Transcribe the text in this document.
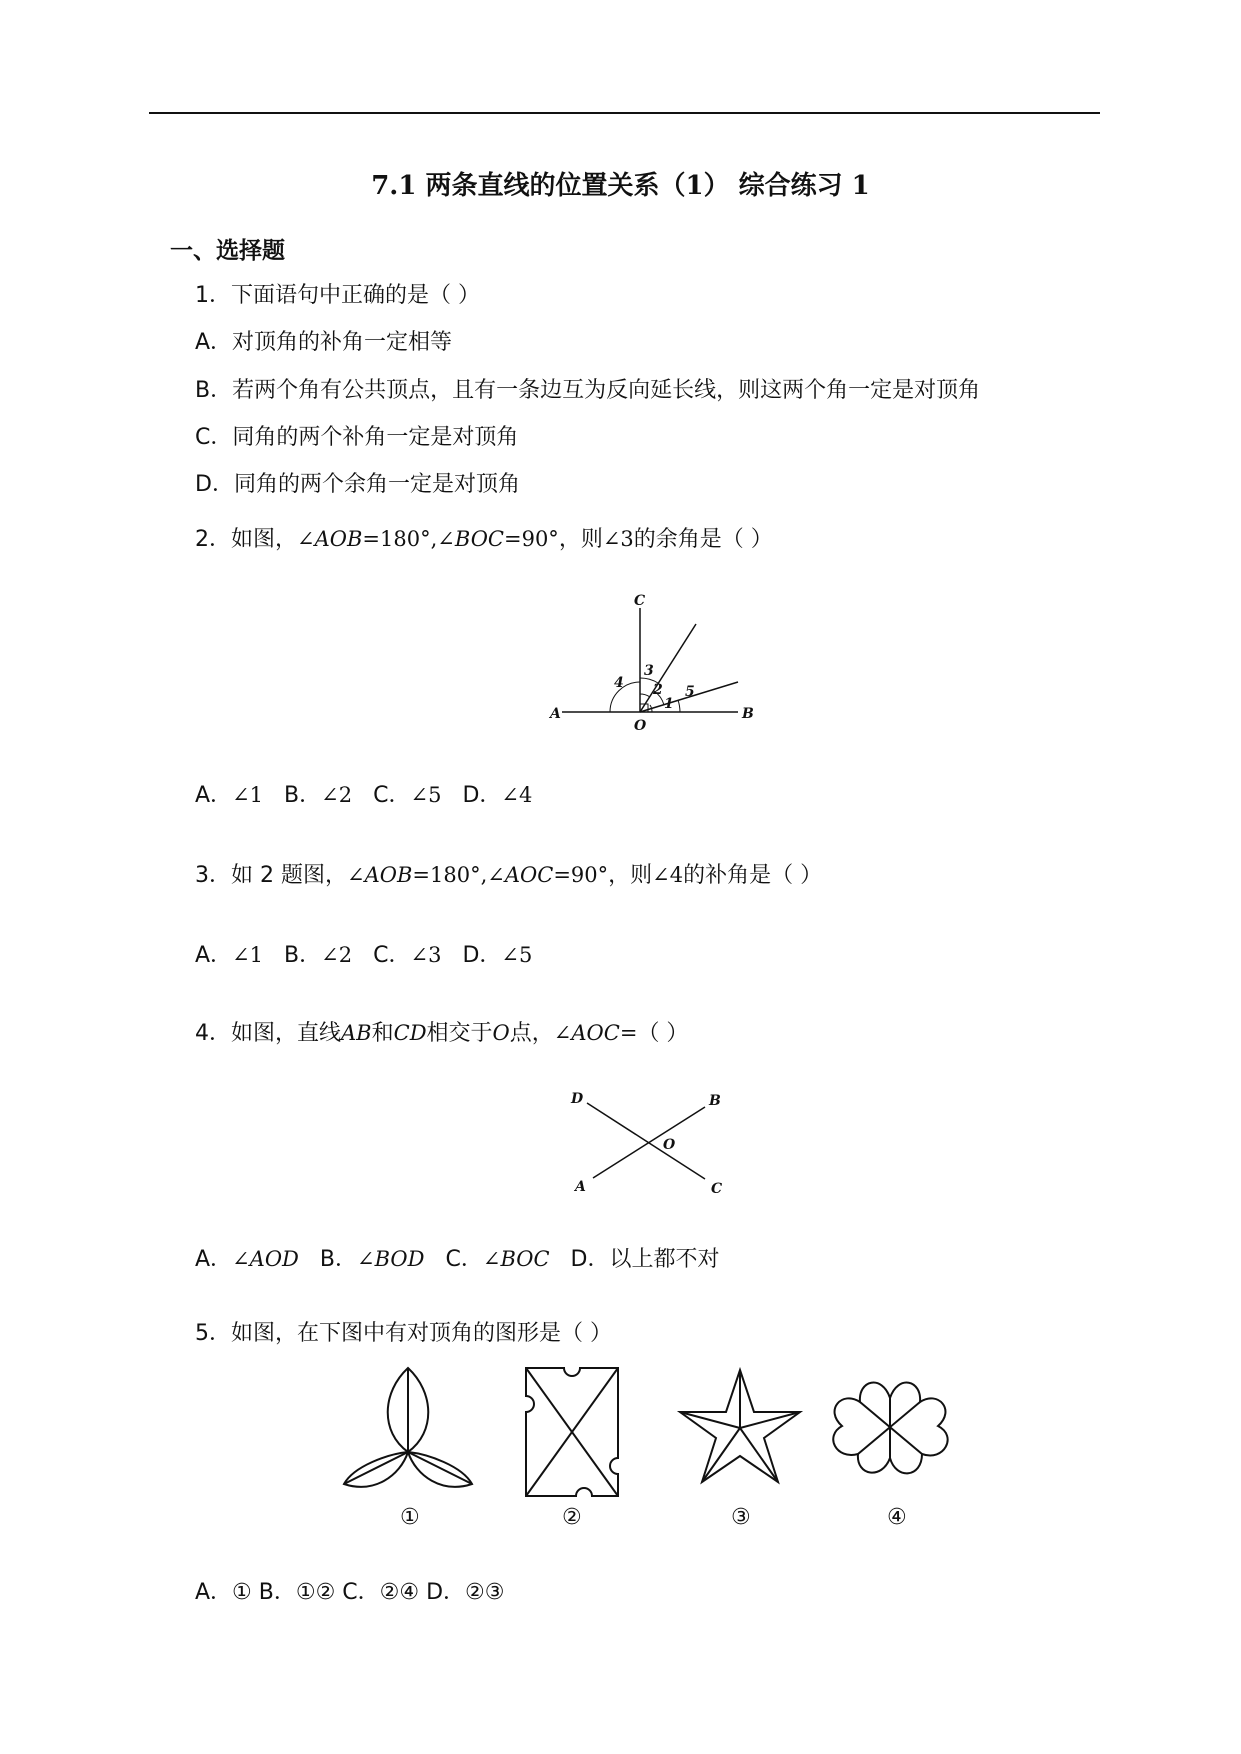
7.1 两条直线的位置关系（1） 综合练习 1
一、选择题
1．下面语句中正确的是（ ）
A．对顶角的补角一定相等
B．若两个角有公共顶点，且有一条边互为反向延长线，则这两个角一定是对顶角
C．同角的两个补角一定是对顶角
D．同角的两个余角一定是对顶角
2．如图，∠AOB=180°,∠BOC=90°，则∠3的余角是（ ）
C
A
O
B
4
3
2
1
5
A．∠1 B．∠2 C．∠5 D．∠4
3．如 2 题图，∠AOB=180°,∠AOC=90°，则∠4的补角是（ ）
A．∠1 B．∠2 C．∠3 D．∠5
4．如图，直线AB和CD相交于O点，∠AOC=（ ）
D	B
O
A	C
A．∠AOD B．∠BOD C．∠BOC D．以上都不对
5．如图，在下图中有对顶角的图形是（ ）
①	②	③	④
A．① B．①② C．②④ D．②③
